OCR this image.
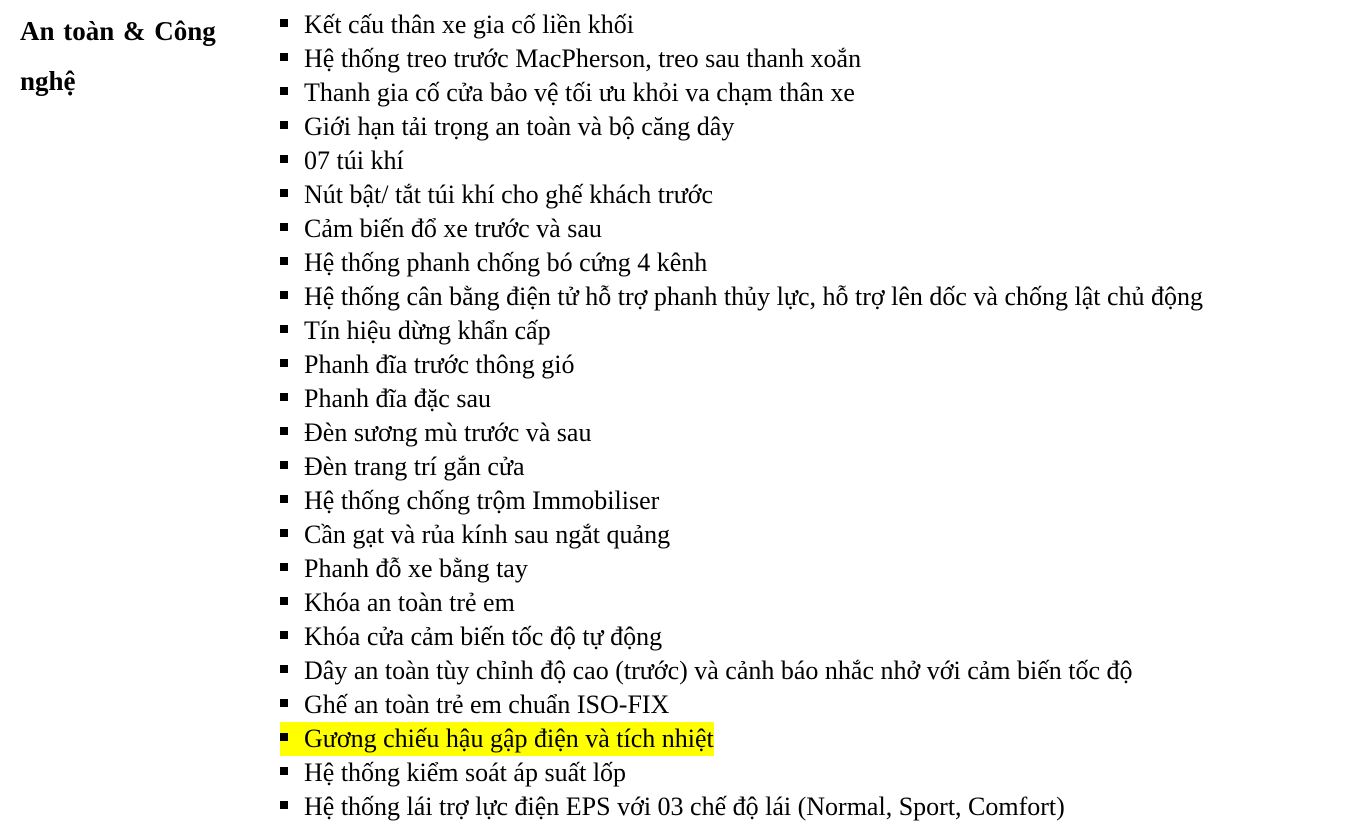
An toàn & Công nghệ
Kết cấu thân xe gia cố liền khối
Hệ thống treo trước MacPherson, treo sau thanh xoắn
Thanh gia cố cửa bảo vệ tối ưu khỏi va chạm thân xe
Giới hạn tải trọng an toàn và bộ căng dây
07 túi khí
Nút bật/ tắt túi khí cho ghế khách trước
Cảm biến đổ xe trước và sau
Hệ thống phanh chống bó cứng 4 kênh
Hệ thống cân bằng điện tử hỗ trợ phanh thủy lực, hỗ trợ lên dốc và chống lật chủ động
Tín hiệu dừng khẩn cấp
Phanh đĩa trước thông gió
Phanh đĩa đặc sau
Đèn sương mù trước và sau
Đèn trang trí gắn cửa
Hệ thống chống trộm Immobiliser
Cần gạt và rủa kính sau ngắt quảng
Phanh đỗ xe bằng tay
Khóa an toàn trẻ em
Khóa cửa cảm biến tốc độ tự động
Dây an toàn tùy chỉnh độ cao (trước) và cảnh báo nhắc nhở với cảm biến tốc độ
Ghế an toàn trẻ em chuẩn ISO-FIX
Gương chiếu hậu gập điện và tích nhiệt
Hệ thống kiểm soát áp suất lốp
Hệ thống lái trợ lực điện EPS với 03 chế độ lái (Normal, Sport, Comfort)
